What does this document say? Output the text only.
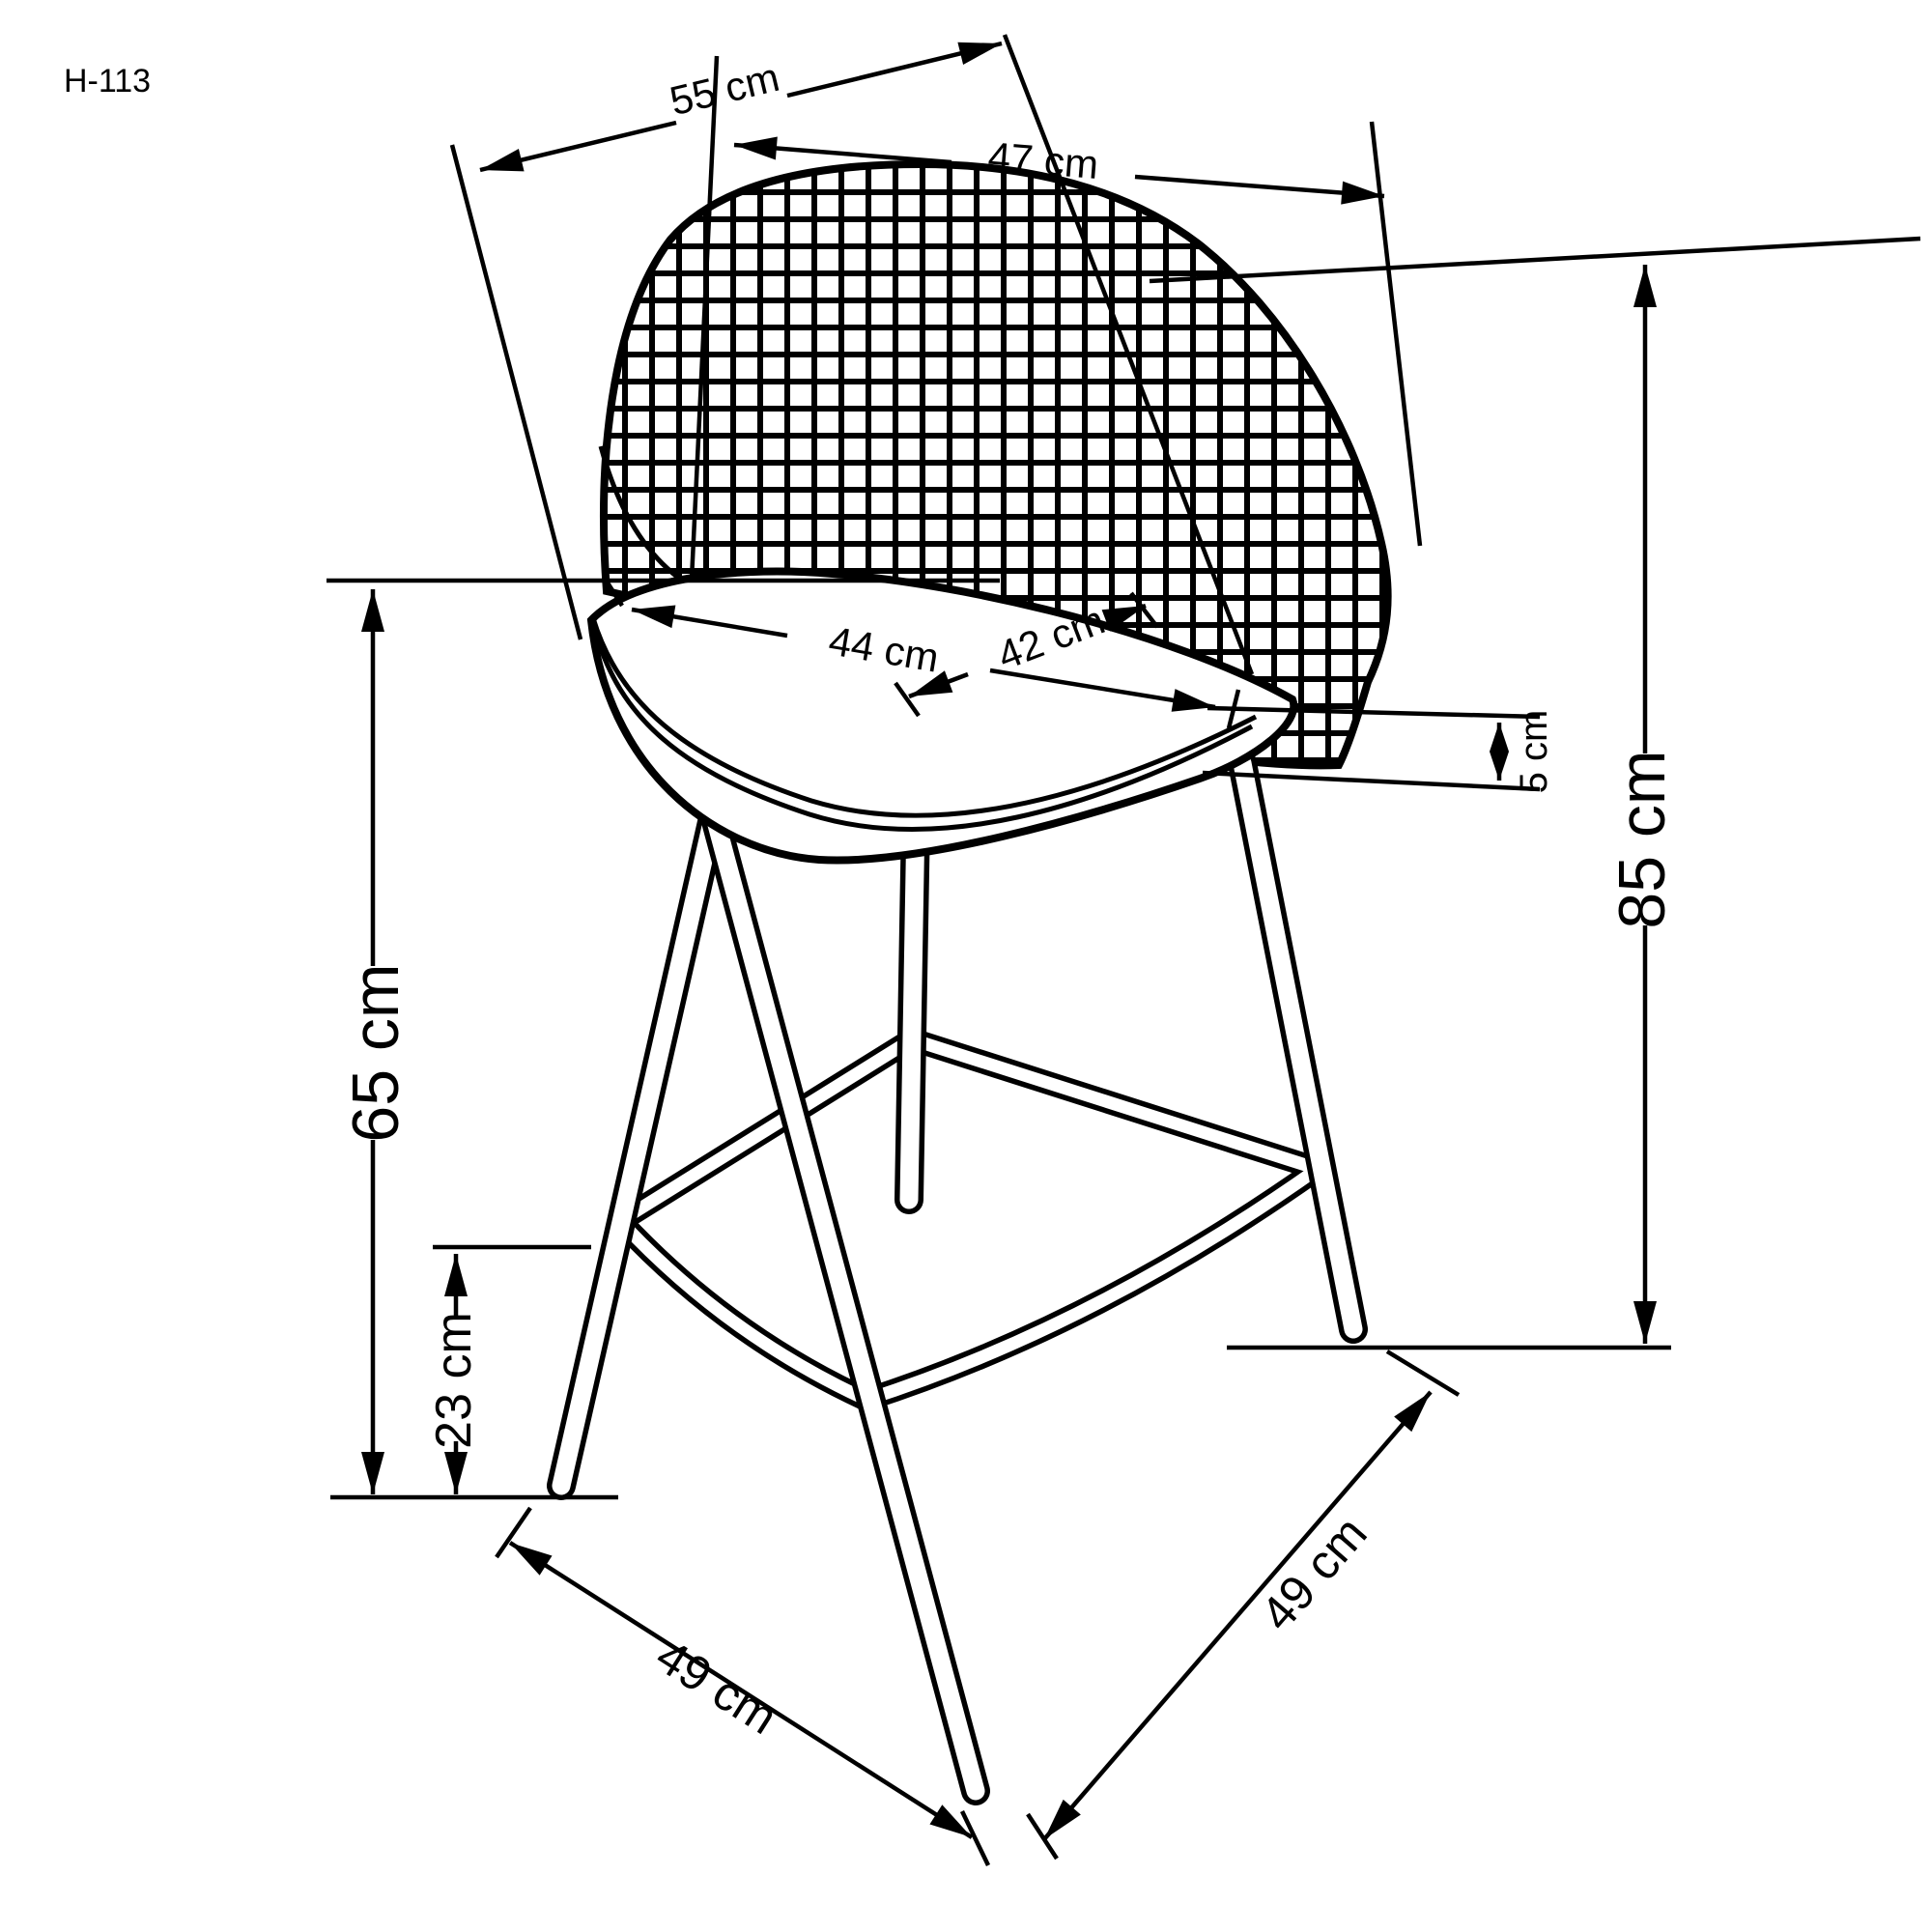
55 cm
47 cm
44 cm 42 cm
5 cm 85 cm
65 cm
23 cm
49 cm
49 cm
H-113
